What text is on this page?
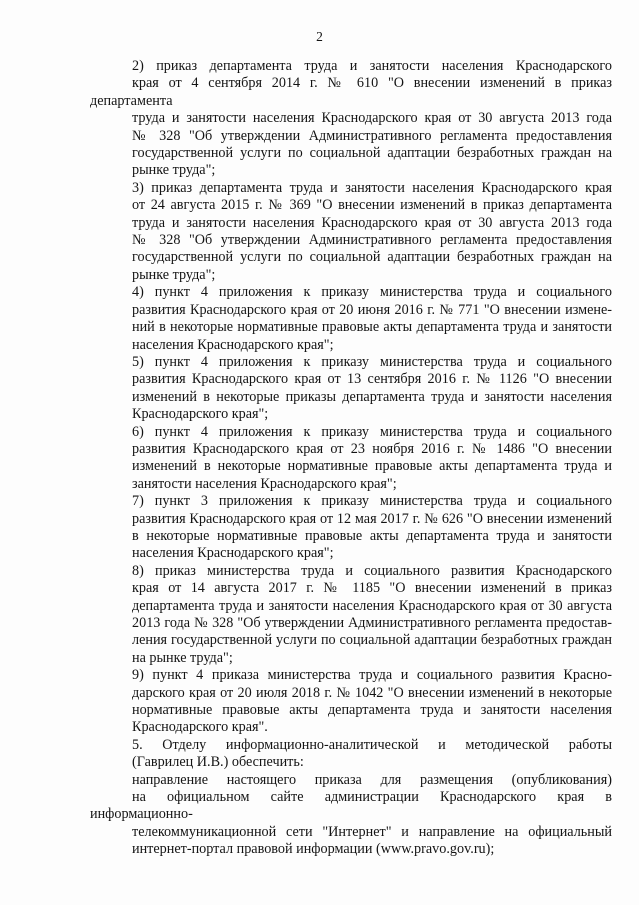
2

2) приказ департамента труда и занятости населения Краснодарского
края от 4 сентября 2014 г. № 610 "О внесении изменений в приказ департамента
труда и занятости населения Краснодарского края от 30 августа 2013 года
№ 328 "Об утверждении Административного регламента предоставления
государственной услуги по социальной адаптации безработных граждан на
рынке труда";

3) приказ департамента труда и занятости населения Краснодарского края
от 24 августа 2015 г. № 369 "О внесении изменений в приказ департамента
труда и занятости населения Краснодарского края от 30 августа 2013 года
№ 328 "Об утверждении Административного регламента предоставления
государственной услуги по социальной адаптации безработных граждан на
рынке труда";

4) пункт 4 приложения к приказу министерства труда и социального
развития Краснодарского края от 20 июня 2016 г. № 771 "О внесении измене-
ний в некоторые нормативные правовые акты департамента труда и занятости
населения Краснодарского края";

5) пункт 4 приложения к приказу министерства труда и социального
развития Краснодарского края от 13 сентября 2016 г. № 1126 "О внесении
изменений в некоторые приказы департамента труда и занятости населения
Краснодарского края";

6) пункт 4 приложения к приказу министерства труда и социального
развития Краснодарского края от 23 ноября 2016 г. № 1486 "О внесении
изменений в некоторые нормативные правовые акты департамента труда и
занятости населения Краснодарского края";

7) пункт 3 приложения к приказу министерства труда и социального
развития Краснодарского края от 12 мая 2017 г. № 626 "О внесении изменений
в некоторые нормативные правовые акты департамента труда и занятости
населения Краснодарского края";

8) приказ министерства труда и социального развития Краснодарского
края от 14 августа 2017 г. № 1185 "О внесении изменений в приказ
департамента труда и занятости населения Краснодарского края от 30 августа
2013 года № 328 "Об утверждении Административного регламента предостав-
ления государственной услуги по социальной адаптации безработных граждан
на рынке труда";

9) пункт 4 приказа министерства труда и социального развития Красно-
дарского края от 20 июля 2018 г. № 1042 "О внесении изменений в некоторые
нормативные правовые акты департамента труда и занятости населения
Краснодарского края".

5. Отделу информационно-аналитической и методической работы
(Гаврилец И.В.) обеспечить:

направление настоящего приказа для размещения (опубликования)
на официальном сайте администрации Краснодарского края в информационно-
телекоммуникационной сети "Интернет" и направление на официальный
интернет-портал правовой информации (www.pravo.gov.ru);
